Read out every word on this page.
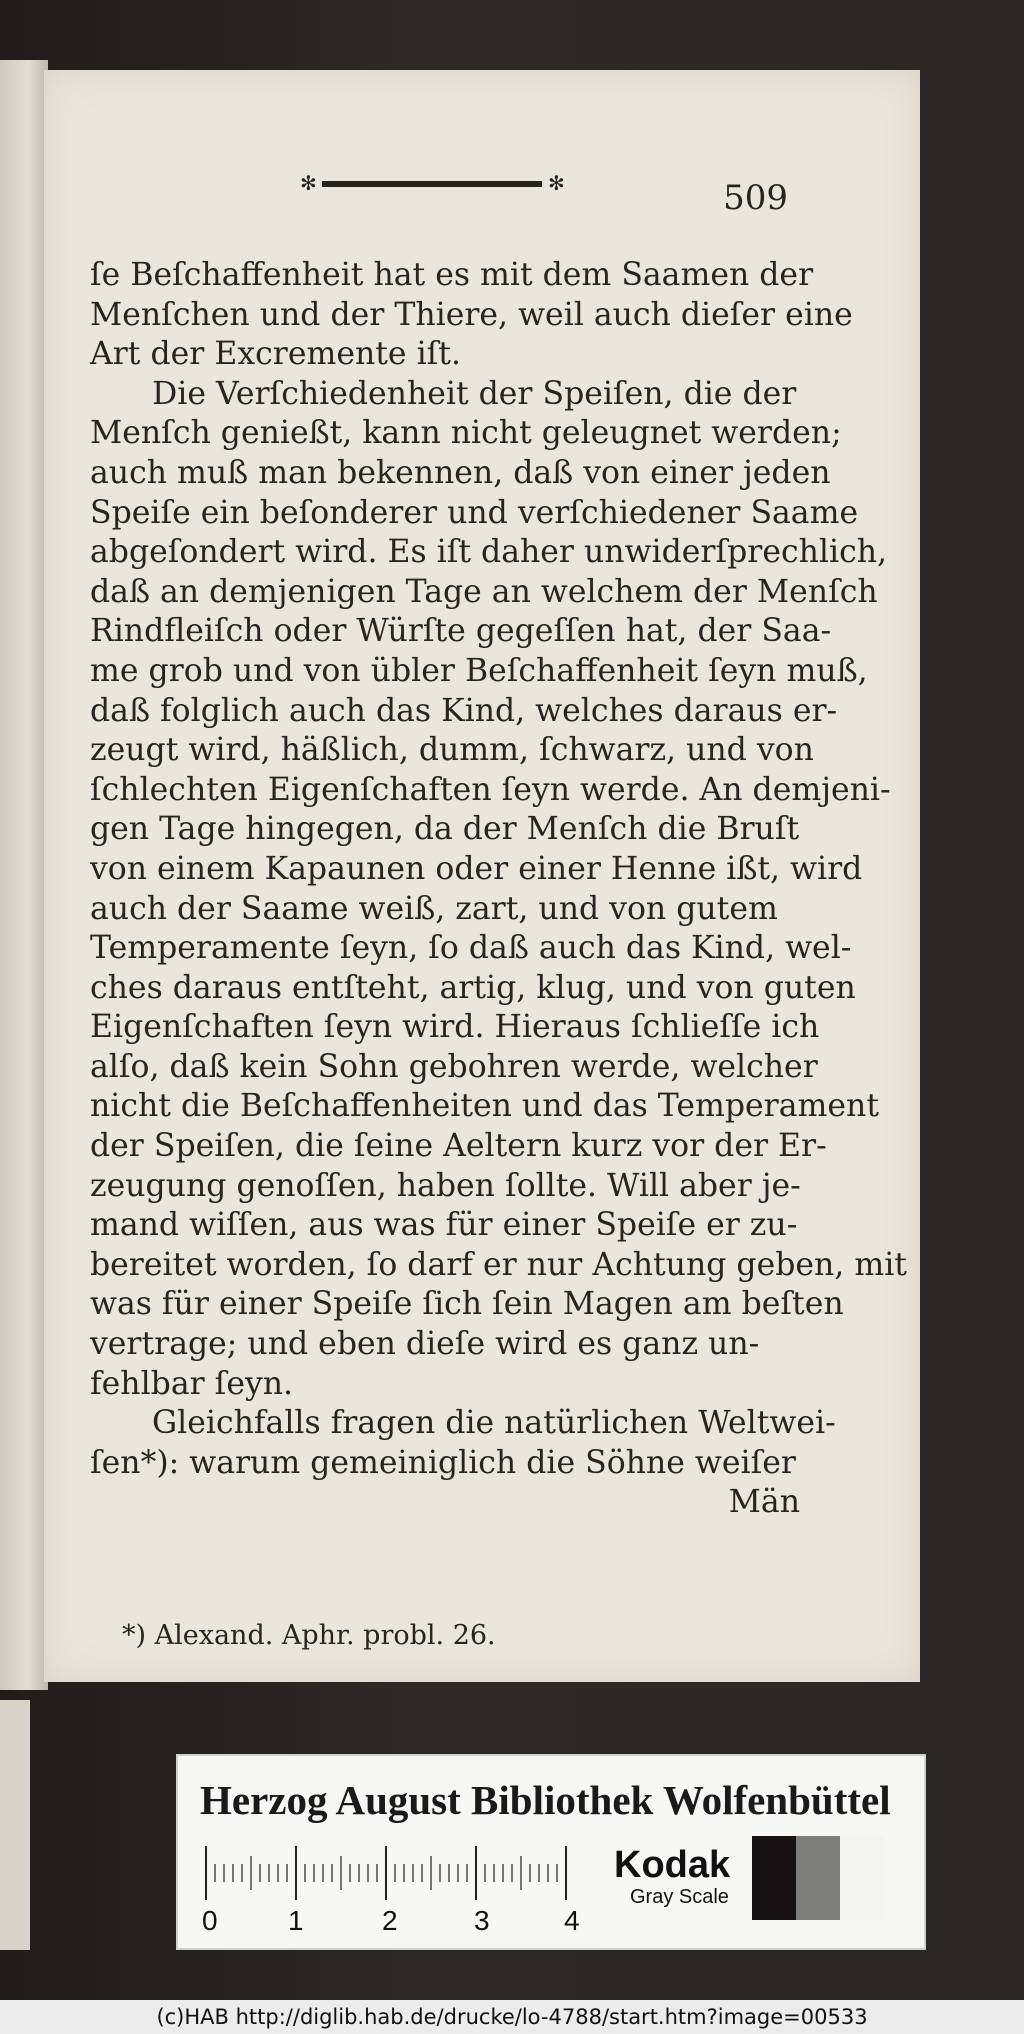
✻	✻	509
ſe Beſchaffenheit hat es mit dem Saamen der
Menſchen und der Thiere, weil auch dieſer eine
Art der Excremente iſt.
Die Verſchiedenheit der Speiſen, die der
Menſch genießt, kann nicht geleugnet werden;
auch muß man bekennen, daß von einer jeden
Speiſe ein beſonderer und verſchiedener Saame
abgeſondert wird. Es iſt daher unwiderſprechlich,
daß an demjenigen Tage an welchem der Menſch
Rindfleiſch oder Würſte gegeſſen hat, der Saa-
me grob und von übler Beſchaffenheit ſeyn muß,
daß folglich auch das Kind, welches daraus er-
zeugt wird, häßlich, dumm, ſchwarz, und von
ſchlechten Eigenſchaften ſeyn werde. An demjeni-
gen Tage hingegen, da der Menſch die Bruſt
von einem Kapaunen oder einer Henne ißt, wird
auch der Saame weiß, zart, und von gutem
Temperamente ſeyn, ſo daß auch das Kind, wel-
ches daraus entſteht, artig, klug, und von guten
Eigenſchaften ſeyn wird. Hieraus ſchlieſſe ich
alſo, daß kein Sohn gebohren werde, welcher
nicht die Beſchaffenheiten und das Temperament
der Speiſen, die ſeine Aeltern kurz vor der Er-
zeugung genoſſen, haben ſollte. Will aber je-
mand wiſſen, aus was für einer Speiſe er zu-
bereitet worden, ſo darf er nur Achtung geben, mit
was für einer Speiſe ſich ſein Magen am beſten
vertrage; und eben dieſe wird es ganz un-
fehlbar ſeyn.
Gleichfalls fragen die natürlichen Weltwei-
ſen*): warum gemeiniglich die Söhne weiſer
Män
*) Alexand. Aphr. probl. 26.
Herzog August Bibliothek Wolfenbüttel
0	1	2	3	4
Kodak
Gray Scale
(c)HAB http://diglib.hab.de/drucke/lo-4788/start.htm?image=00533
